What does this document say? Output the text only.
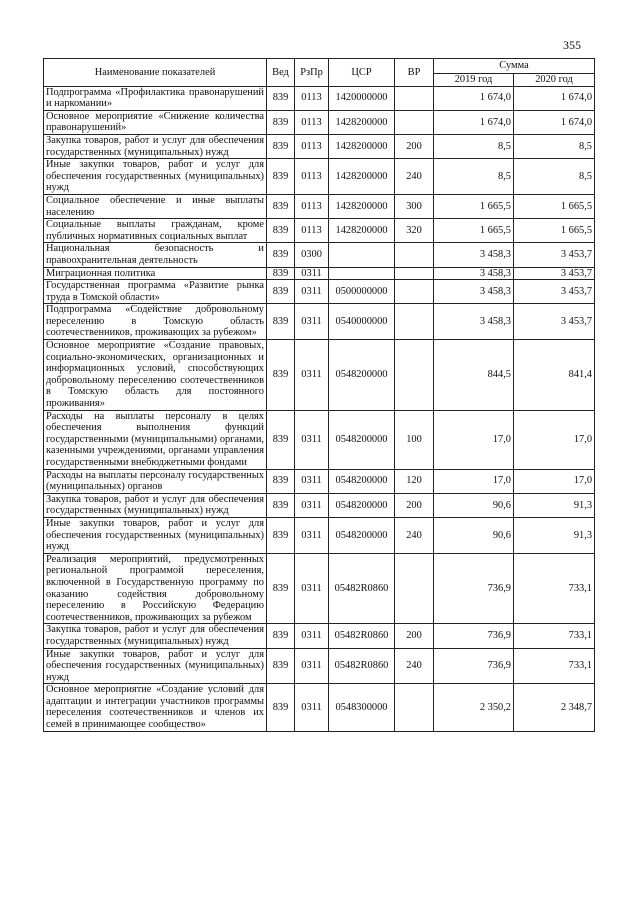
355
Наименование показателей	Вед	РзПр	ЦСР	ВР	Сумма	
					2019 год	2020 год
Подпрограмма «Профилактика правонарушений и наркомании»	839	0113	1420000000		1 674,0	1 674,0
Основное мероприятие «Снижение количества правонарушений»	839	0113	1428200000		1 674,0	1 674,0
Закупка товаров, работ и услуг для обеспечения государственных (муниципальных) нужд	839	0113	1428200000	200	8,5	8,5
Иные закупки товаров, работ и услуг для обеспечения государственных (муниципальных) нужд	839	0113	1428200000	240	8,5	8,5
Социальное обеспечение и иные выплаты населению	839	0113	1428200000	300	1 665,5	1 665,5
Социальные выплаты гражданам, кроме публичных нормативных социальных выплат	839	0113	1428200000	320	1 665,5	1 665,5
Национальная безопасность и правоохранительная деятельность	839	0300			3 458,3	3 453,7
Миграционная политика	839	0311			3 458,3	3 453,7
Государственная программа «Развитие рынка труда в Томской области»	839	0311	0500000000		3 458,3	3 453,7
Подпрограмма «Содействие добровольному переселению в Томскую область соотечественников, проживающих за рубежом»	839	0311	0540000000		3 458,3	3 453,7
Основное мероприятие «Создание правовых, социально-экономических, организационных и информационных условий, способствующих добровольному переселению соотечественников в Томскую область для постоянного проживания»	839	0311	0548200000		844,5	841,4
Расходы на выплаты персоналу в целях обеспечения выполнения функций государственными (муниципальными) органами, казенными учреждениями, органами управления государственными внебюджетными фондами	839	0311	0548200000	100	17,0	17,0
Расходы на выплаты персоналу государственных (муниципальных) органов	839	0311	0548200000	120	17,0	17,0
Закупка товаров, работ и услуг для обеспечения государственных (муниципальных) нужд	839	0311	0548200000	200	90,6	91,3
Иные закупки товаров, работ и услуг для обеспечения государственных (муниципальных) нужд	839	0311	0548200000	240	90,6	91,3
Реализация мероприятий, предусмотренных региональной программой переселения, включенной в Государственную программу по оказанию содействия добровольному переселению в Российскую Федерацию соотечественников, проживающих за рубежом	839	0311	05482R0860		736,9	733,1
Закупка товаров, работ и услуг для обеспечения государственных (муниципальных) нужд	839	0311	05482R0860	200	736,9	733,1
Иные закупки товаров, работ и услуг для обеспечения государственных (муниципальных) нужд	839	0311	05482R0860	240	736,9	733,1
Основное мероприятие «Создание условий для адаптации и интеграции участников программы переселения соотечественников и членов их семей в принимающее сообщество»	839	0311	0548300000		2 350,2	2 348,7
